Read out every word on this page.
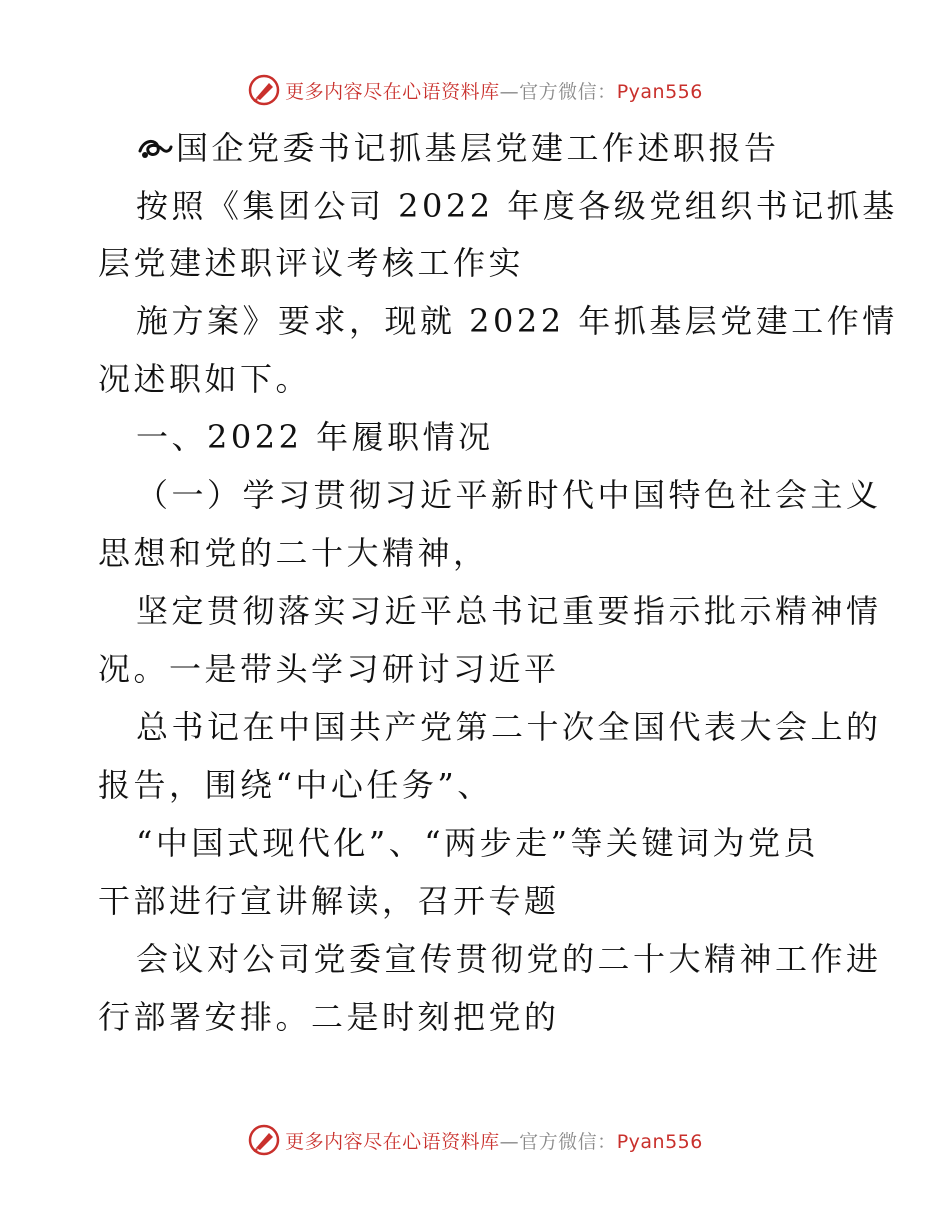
更多内容尽在心语资料库—官方微信：Pyan556
国企党委书记抓基层党建工作述职报告
按照《集团公司 2022 年度各级党组织书记抓基
层党建述职评议考核工作实
施方案》要求，现就 2022 年抓基层党建工作情
况述职如下。
一、2022 年履职情况
（一）学习贯彻习近平新时代中国特色社会主义
思想和党的二十大精神，
坚定贯彻落实习近平总书记重要指示批示精神情
况。一是带头学习研讨习近平
总书记在中国共产党第二十次全国代表大会上的
报告，围绕“中心任务”、
“中国式现代化”、“两步走”等关键词为党员
干部进行宣讲解读，召开专题
会议对公司党委宣传贯彻党的二十大精神工作进
行部署安排。二是时刻把党的
更多内容尽在心语资料库—官方微信：Pyan556
